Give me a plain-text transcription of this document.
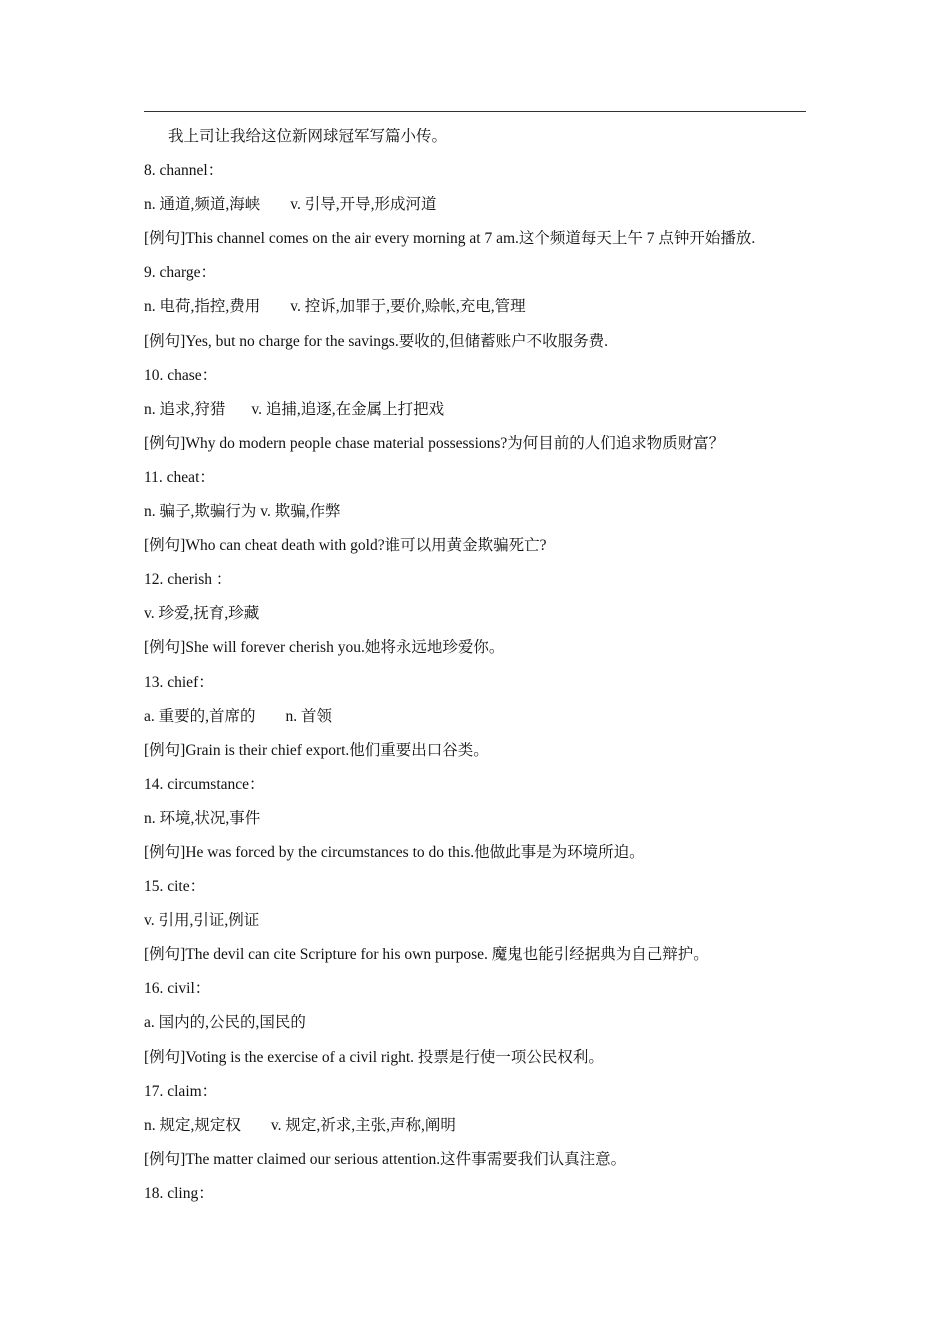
我上司让我给这位新网球冠军写篇小传。
8. channel：
n. 通道,频道,海峡 v. 引导,开导,形成河道
[例句]This channel comes on the air every morning at 7 am.这个频道每天上午 7 点钟开始播放.
9. charge：
n. 电荷,指控,费用 v. 控诉,加罪于,要价,赊帐,充电,管理
[例句]Yes, but no charge for the savings.要收的,但储蓄账户不收服务费.
10. chase：
n. 追求,狩猎 v. 追捕,追逐,在金属上打把戏
[例句]Why do modern people chase material possessions?为何目前的人们追求物质财富？
11. cheat：
n. 骗子,欺骗行为 v. 欺骗,作弊
[例句]Who can cheat death with gold?谁可以用黄金欺骗死亡?
12. cherish ：
v. 珍爱,抚育,珍藏
[例句]She will forever cherish you.她将永远地珍爱你。
13. chief：
a. 重要的,首席的 n. 首领
[例句]Grain is their chief export.他们重要出口谷类。
14. circumstance：
n. 环境,状况,事件
[例句]He was forced by the circumstances to do this.他做此事是为环境所迫。
15. cite：
v. 引用,引证,例证
[例句]The devil can cite Scripture for his own purpose. 魔鬼也能引经据典为自己辩护。
16. civil：
a. 国内的,公民的,国民的
[例句]Voting is the exercise of a civil right. 投票是行使一项公民权利。
17. claim：
n. 规定,规定权 v. 规定,祈求,主张,声称,阐明
[例句]The matter claimed our serious attention.这件事需要我们认真注意。
18. cling：
